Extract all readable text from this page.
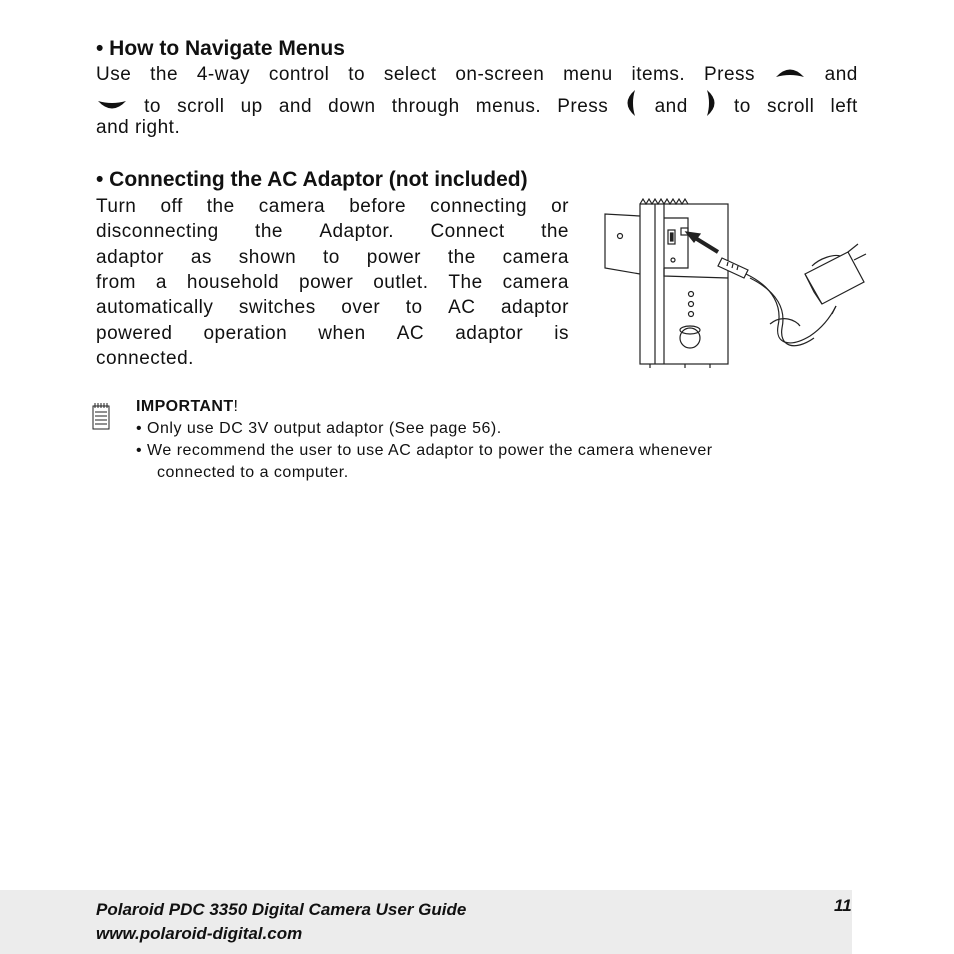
• How to Navigate Menus
Use the 4-way control to select on-screen menu items. Press	and
to scroll up and down through menus. Press and to scroll left

and right.

• Connecting the AC Adaptor (not included)
Turn off the camera before connecting or
disconnecting the Adaptor. Connect the
adaptor as shown to power the camera
from a household power outlet. The camera
automatically switches over to AC adaptor
powered operation when AC adaptor is
connected.
IMPORTANT!
• Only use DC 3V output adaptor (See page 56).
• We recommend the user to use AC adaptor to power the camera whenever
connected to a computer.
Polaroid PDC 3350 Digital Camera User Guide
www.polaroid-digital.com
11
